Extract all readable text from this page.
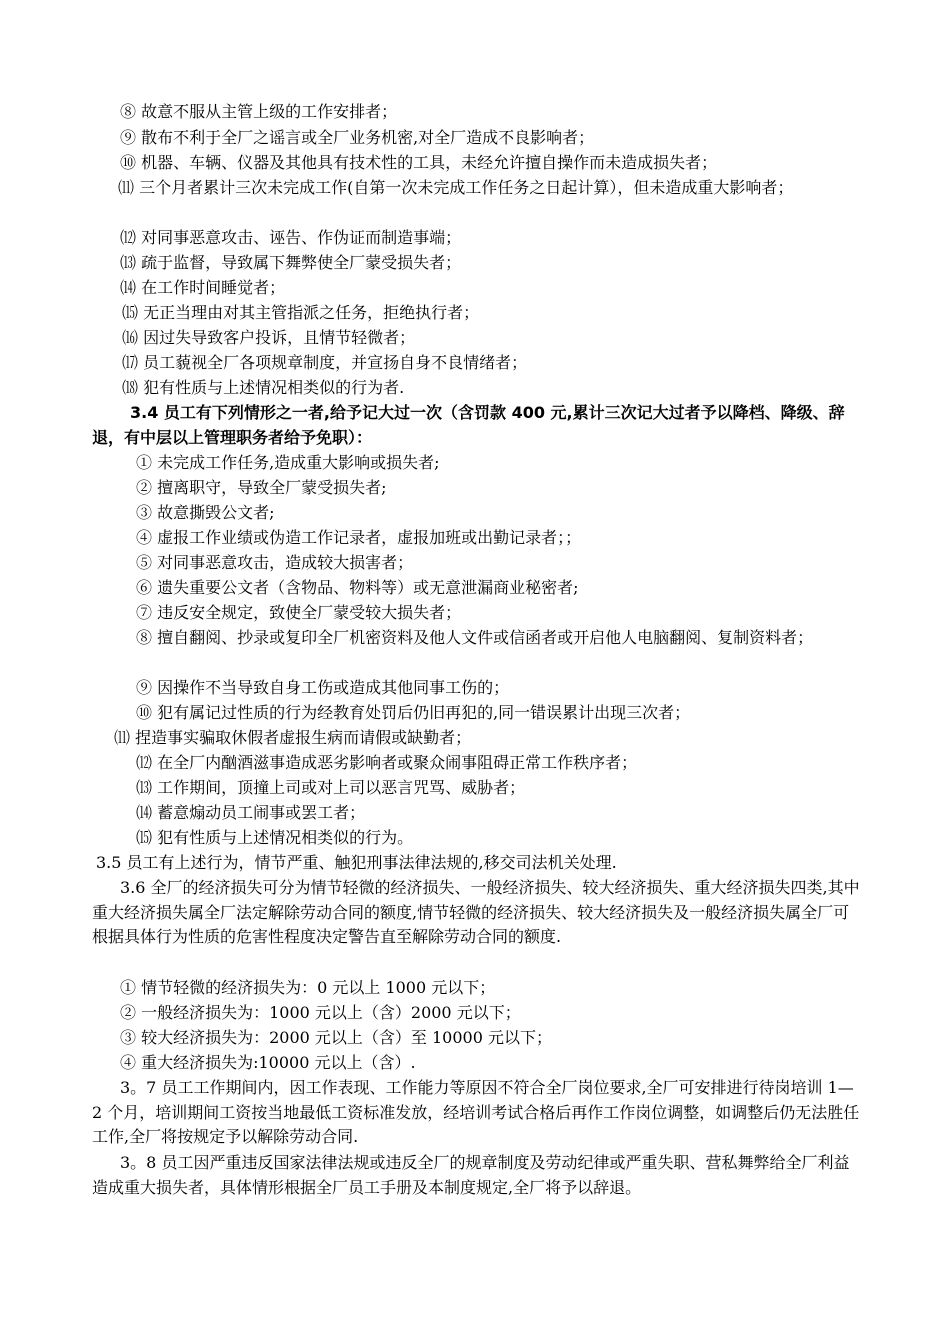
⑧ 故意不服从主管上级的工作安排者；

⑨ 散布不利于全厂之谣言或全厂业务机密,对全厂造成不良影响者；

⑩ 机器、车辆、仪器及其他具有技术性的工具，未经允许擅自操作而未造成损失者；

⑾ 三个月者累计三次未完成工作(自第一次未完成工作任务之日起计算），但未造成重大影响者；

⑿ 对同事恶意攻击、诬告、作伪证而制造事端；

⒀ 疏于监督，导致属下舞弊使全厂蒙受损失者；

⒁ 在工作时间睡觉者；

⒂ 无正当理由对其主管指派之任务，拒绝执行者；

⒃ 因过失导致客户投诉，且情节轻微者；

⒄ 员工藐视全厂各项规章制度，并宣扬自身不良情绪者；

⒅ 犯有性质与上述情况相类似的行为者.

3.4 员工有下列情形之一者,给予记大过一次（含罚款 400 元,累计三次记大过者予以降档、降级、辞退，有中层以上管理职务者给予免职）：

① 未完成工作任务,造成重大影响或损失者;

② 擅离职守，导致全厂蒙受损失者;

③ 故意撕毁公文者;

④ 虚报工作业绩或伪造工作记录者，虚报加班或出勤记录者；；

⑤ 对同事恶意攻击，造成较大损害者；

⑥ 遗失重要公文者（含物品、物料等）或无意泄漏商业秘密者;

⑦ 违反安全规定，致使全厂蒙受较大损失者；

⑧ 擅自翻阅、抄录或复印全厂机密资料及他人文件或信函者或开启他人电脑翻阅、复制资料者；

⑨ 因操作不当导致自身工伤或造成其他同事工伤的；

⑩ 犯有属记过性质的行为经教育处罚后仍旧再犯的,同一错误累计出现三次者；

⑾ 捏造事实骗取休假者虚报生病而请假或缺勤者；

⑿ 在全厂内酗酒滋事造成恶劣影响者或聚众闹事阻碍正常工作秩序者；

⒀ 工作期间，顶撞上司或对上司以恶言咒骂、威胁者；

⒁ 蓄意煽动员工闹事或罢工者；

⒂ 犯有性质与上述情况相类似的行为。

3.5 员工有上述行为，情节严重、触犯刑事法律法规的,移交司法机关处理.

3.6 全厂的经济损失可分为情节轻微的经济损失、一般经济损失、较大经济损失、重大经济损失四类,其中重大经济损失属全厂法定解除劳动合同的额度,情节轻微的经济损失、较大经济损失及一般经济损失属全厂可根据具体行为性质的危害性程度决定警告直至解除劳动合同的额度.

① 情节轻微的经济损失为：0 元以上 1000 元以下；

② 一般经济损失为：1000 元以上（含）2000 元以下；

③ 较大经济损失为：2000 元以上（含）至 10000 元以下；

④ 重大经济损失为:10000 元以上（含）.

3。7 员工工作期间内，因工作表现、工作能力等原因不符合全厂岗位要求,全厂可安排进行待岗培训 1—2 个月，培训期间工资按当地最低工资标准发放，经培训考试合格后再作工作岗位调整，如调整后仍无法胜任工作,全厂将按规定予以解除劳动合同.

3。8 员工因严重违反国家法律法规或违反全厂的规章制度及劳动纪律或严重失职、营私舞弊给全厂利益造成重大损失者，具体情形根据全厂员工手册及本制度规定,全厂将予以辞退。
